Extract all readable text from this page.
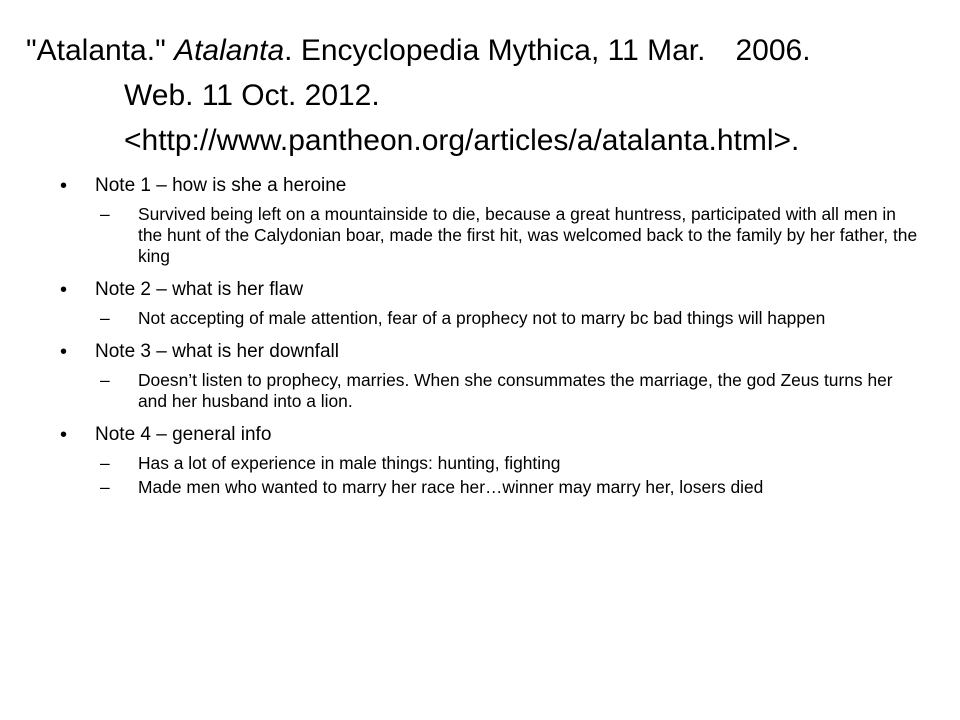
"Atalanta." Atalanta. Encyclopedia Mythica, 11 Mar. 2006.
Web. 11 Oct. 2012.
<http://www.pantheon.org/articles/a/atalanta.html>.
• Note 1 – how is she a heroine
– Survived being left on a mountainside to die, because a great huntress, participated with all men in the hunt of the Calydonian boar, made the first hit, was welcomed back to the family by her father, the king
• Note 2 – what is her flaw
– Not accepting of male attention, fear of a prophecy not to marry bc bad things will happen
• Note 3 – what is her downfall
– Doesn’t listen to prophecy, marries. When she consummates the marriage, the god Zeus turns her and her husband into a lion.
• Note 4 – general info
– Has a lot of experience in male things: hunting, fighting
– Made men who wanted to marry her race her…winner may marry her, losers died
